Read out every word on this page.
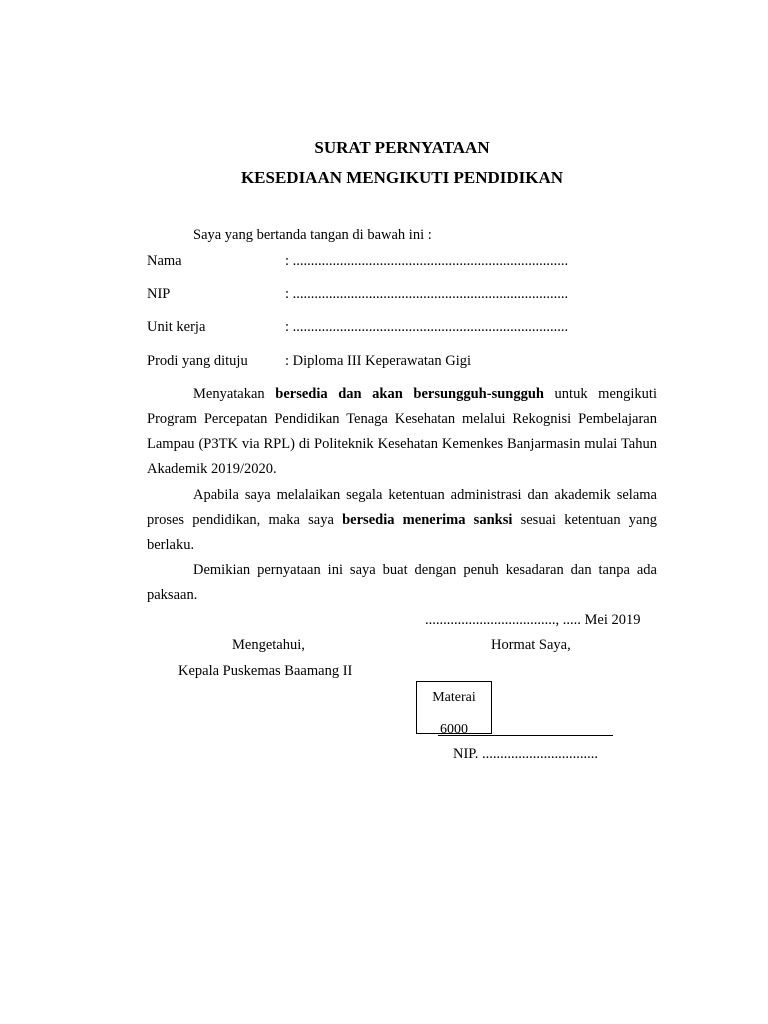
SURAT PERNYATAAN
KESEDIAAN MENGIKUTI PENDIDIKAN
Saya yang bertanda tangan di bawah ini :
Nama	: ............................................................................
NIP	: ............................................................................
Unit kerja	: ............................................................................
Prodi yang dituju	: Diploma III Keperawatan Gigi
Menyatakan bersedia dan akan bersungguh-sungguh untuk mengikuti Program Percepatan Pendidikan Tenaga Kesehatan melalui Rekognisi Pembelajaran Lampau (P3TK via RPL) di Politeknik Kesehatan Kemenkes Banjarmasin mulai Tahun Akademik 2019/2020.
Apabila saya melalaikan segala ketentuan administrasi dan akademik selama proses pendidikan, maka saya bersedia menerima sanksi sesuai ketentuan yang berlaku.
Demikian pernyataan ini saya buat dengan penuh kesadaran dan tanpa ada paksaan.
...................................., ..... Mei 2019
Mengetahui,	Hormat Saya,
Kepala Puskemas Baamang II
Materai
6000
NIP. ................................
